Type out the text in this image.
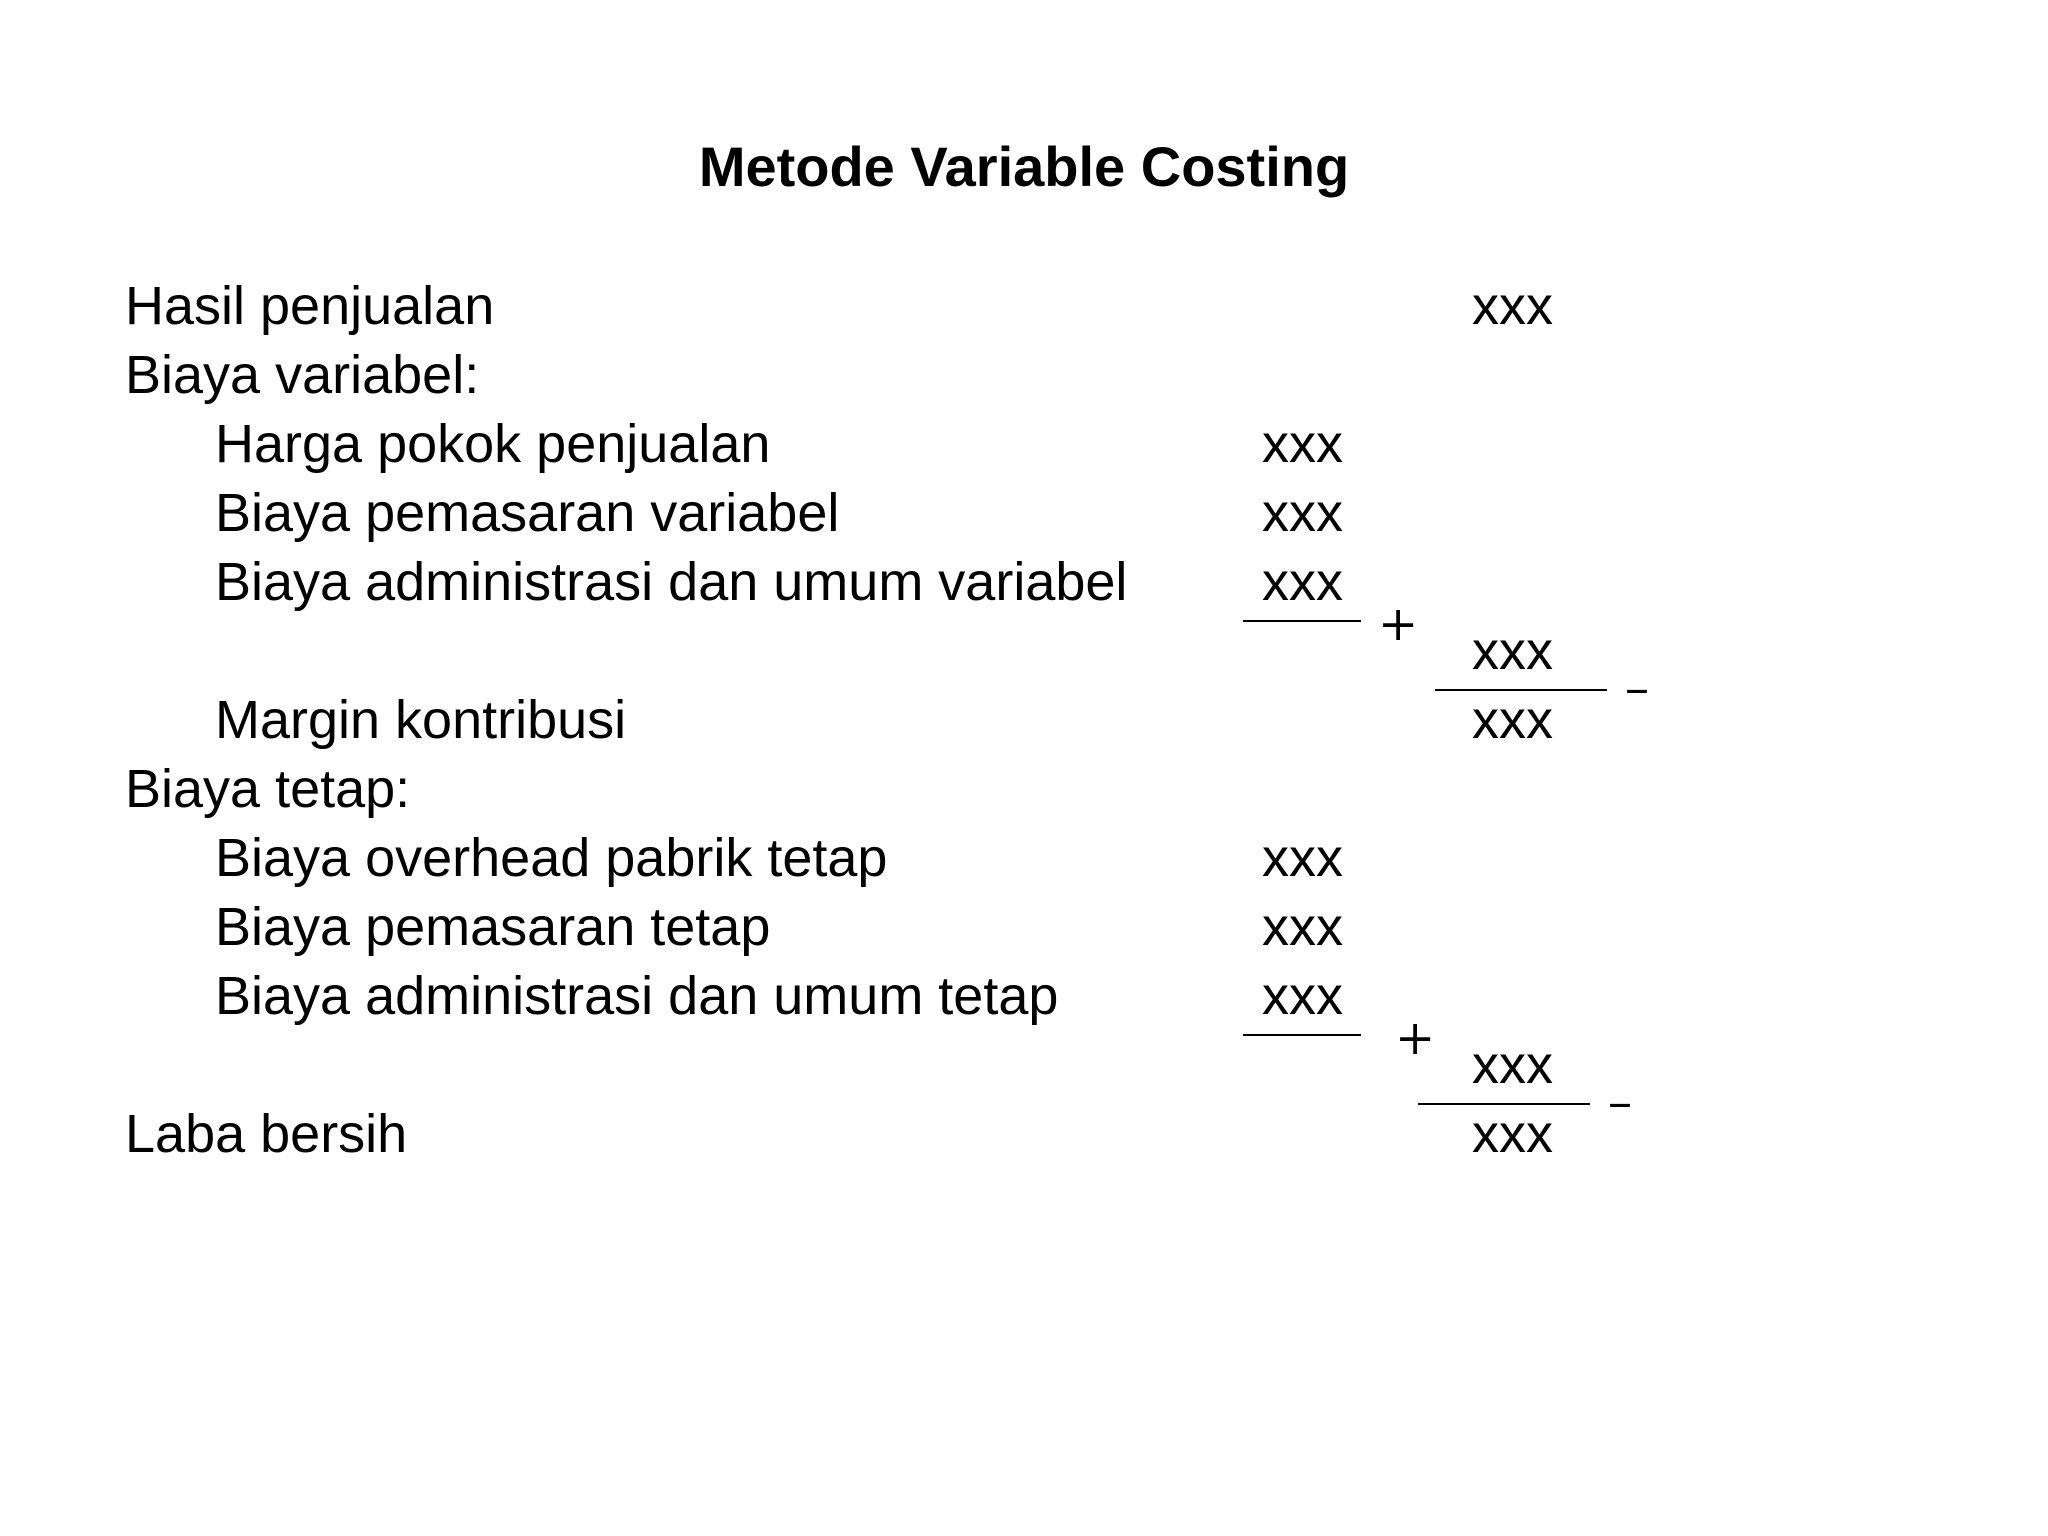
Metode Variable Costing
Hasil penjualan	xxx
Biaya variabel:
Harga pokok penjualan	xxx
Biaya pemasaran variabel	xxx
Biaya administrasi dan umum variabel xxx
+ xxx
–
Margin kontribusi	xxx
Biaya tetap:
Biaya overhead pabrik tetap	xxx
Biaya pemasaran tetap	xxx
Biaya administrasi dan umum tetap	xxx
+ xxx
–
Laba bersih	xxx
